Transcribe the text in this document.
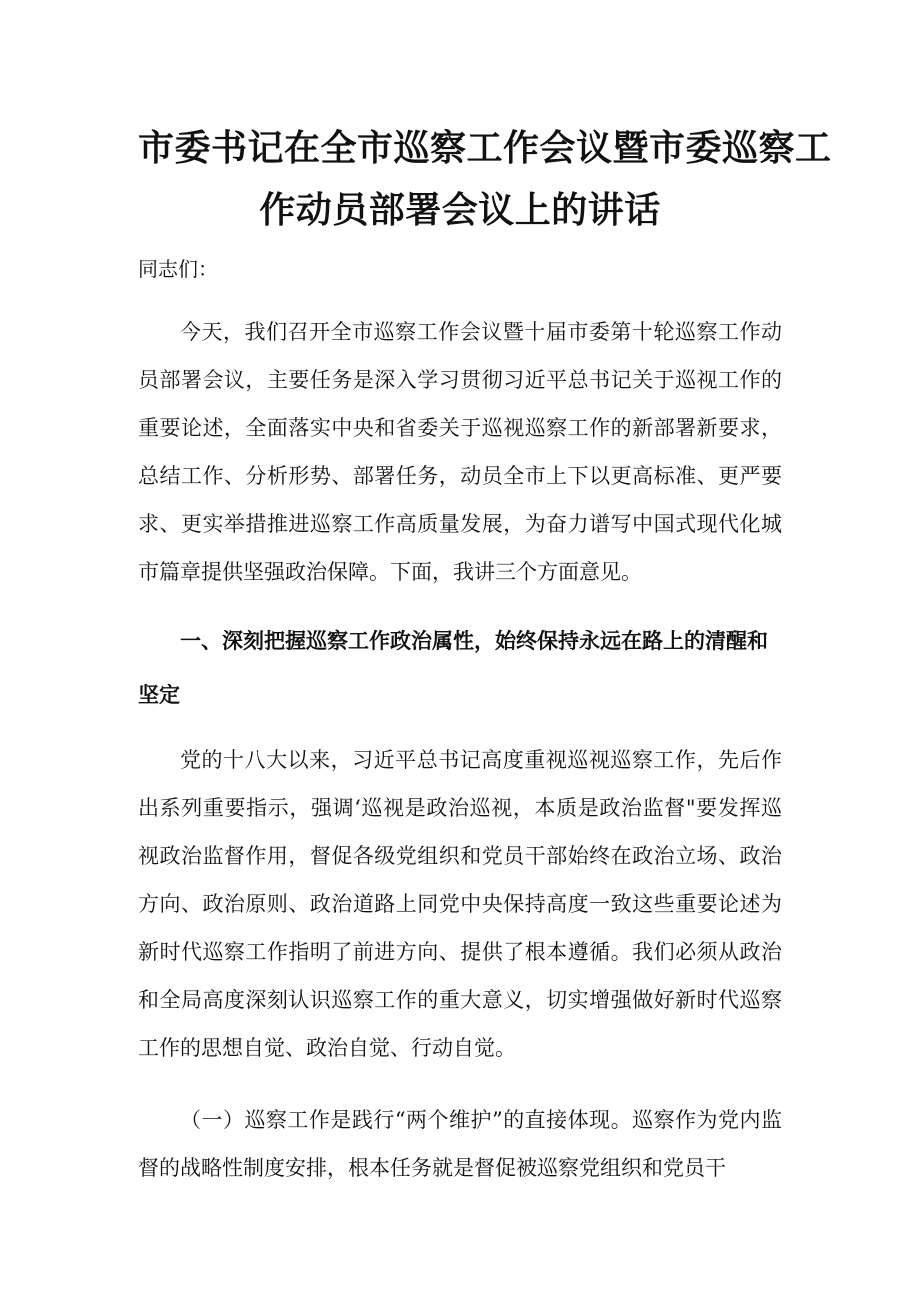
市委书记在全市巡察工作会议暨市委巡察工
作动员部署会议上的讲话

同志们：

今天，我们召开全市巡察工作会议暨十届市委第十轮巡察工作动员部署会议，主要任务是深入学习贯彻习近平总书记关于巡视工作的重要论述，全面落实中央和省委关于巡视巡察工作的新部署新要求，总结工作、分析形势、部署任务，动员全市上下以更高标准、更严要求、更实举措推进巡察工作高质量发展，为奋力谱写中国式现代化城市篇章提供坚强政治保障。下面，我讲三个方面意见。

一、深刻把握巡察工作政治属性，始终保持永远在路上的清醒和坚定

党的十八大以来，习近平总书记高度重视巡视巡察工作，先后作出系列重要指示，强调‘巡视是政治巡视，本质是政治监督"要发挥巡视政治监督作用，督促各级党组织和党员干部始终在政治立场、政治方向、政治原则、政治道路上同党中央保持高度一致这些重要论述为新时代巡察工作指明了前进方向、提供了根本遵循。我们必须从政治和全局高度深刻认识巡察工作的重大意义，切实增强做好新时代巡察工作的思想自觉、政治自觉、行动自觉。

（一）巡察工作是践行“两个维护”的直接体现。巡察作为党内监督的战略性制度安排，根本任务就是督促被巡察党组织和党员干
